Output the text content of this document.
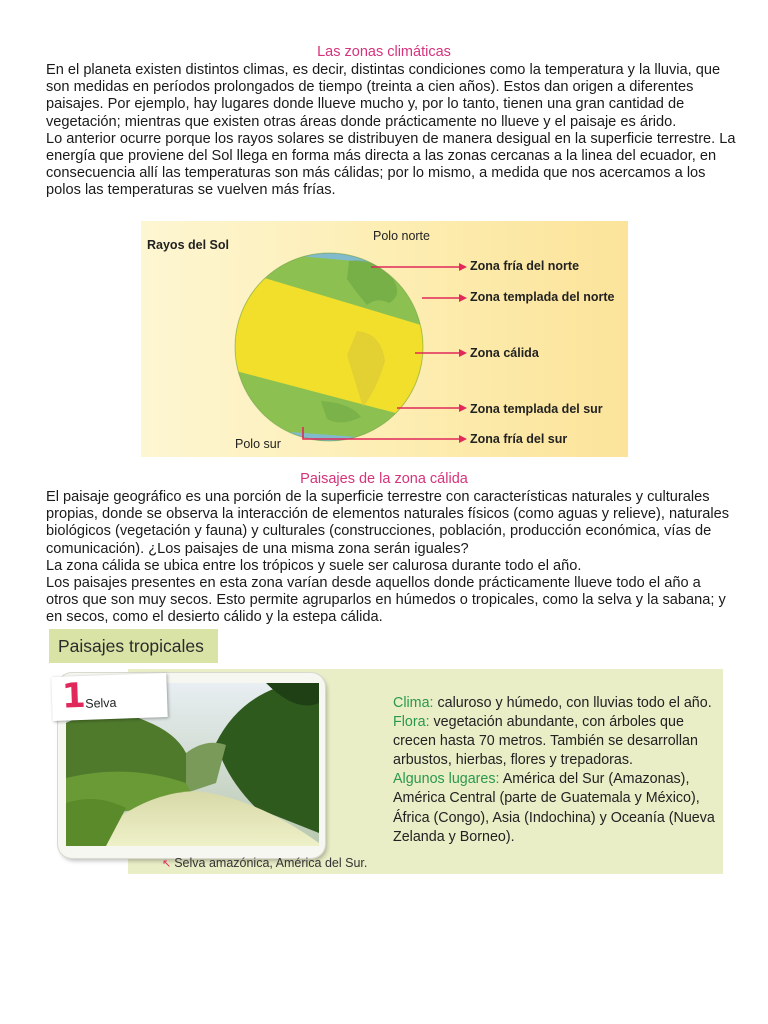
Las zonas climáticas

En el planeta existen distintos climas, es decir, distintas condiciones como la temperatura y la lluvia, que son medidas en períodos prolongados de tiempo (treinta a cien años). Estos dan origen a diferentes paisajes. Por ejemplo, hay lugares donde llueve mucho y, por lo tanto, tienen una gran cantidad de vegetación; mientras que existen otras áreas donde prácticamente no llueve y el paisaje es árido.

Lo anterior ocurre porque los rayos solares se distribuyen de manera desigual en la superficie terrestre. La energía que proviene del Sol llega en forma más directa a las zonas cercanas a la linea del ecuador, en consecuencia allí las temperaturas son más cálidas; por lo mismo, a medida que nos acercamos a los polos las temperaturas se vuelven más frías.

Rayos del Sol
Polo norte
Polo sur
Zona fría del norte
Zona templada del norte
Zona cálida
Zona templada del sur
Zona fría del sur
Paisajes de la zona cálida

El paisaje geográfico es una porción de la superficie terrestre con características naturales y culturales propias, donde se observa la interacción de elementos naturales físicos (como aguas y relieve), naturales biológicos (vegetación y fauna) y culturales (construcciones, población, producción económica, vías de comunicación). ¿Los paisajes de una misma zona serán iguales?

La zona cálida se ubica entre los trópicos y suele ser calurosa durante todo el año.

Los paisajes presentes en esta zona varían desde aquellos donde prácticamente llueve todo el año a otros que son muy secos. Esto permite agruparlos en húmedos o tropicales, como la selva y la sabana; y en secos, como el desierto cálido y la estepa cálida.

Paisajes tropicales
1
Selva
↖ Selva amazónica, América del Sur.

Clima: caluroso y húmedo, con lluvias todo el año.

Flora: vegetación abundante, con árboles que crecen hasta 70 metros. También se desarrollan arbustos, hierbas, flores y trepadoras.

Algunos lugares: América del Sur (Amazonas), América Central (parte de Guatemala y México), África (Congo), Asia (Indochina) y Oceanía (Nueva Zelanda y Borneo).
